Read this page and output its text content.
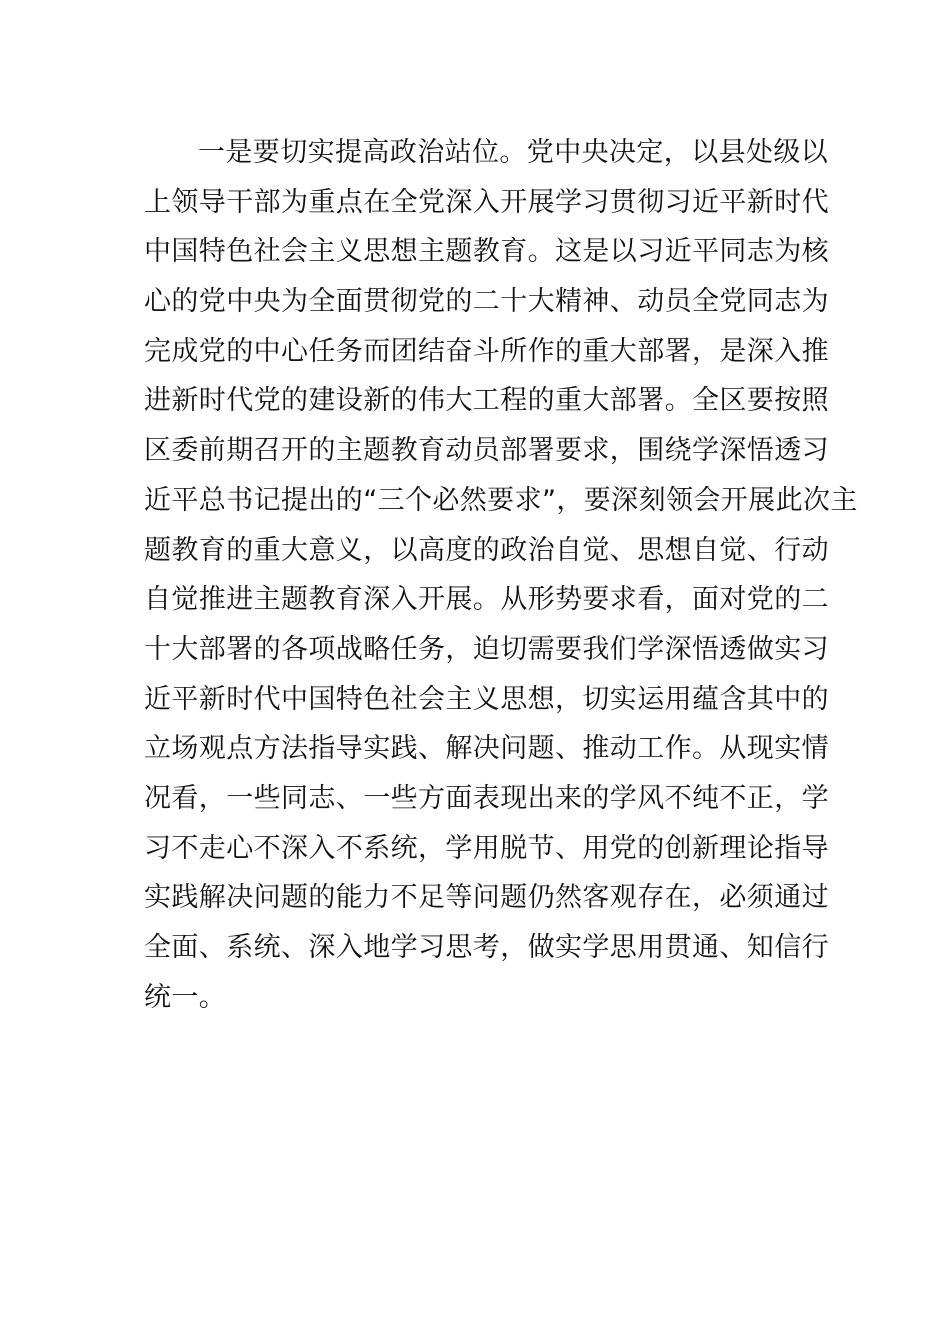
一是要切实提高政治站位。党中央决定，以县处级以
上领导干部为重点在全党深入开展学习贯彻习近平新时代
中国特色社会主义思想主题教育。这是以习近平同志为核
心的党中央为全面贯彻党的二十大精神、动员全党同志为
完成党的中心任务而团结奋斗所作的重大部署，是深入推
进新时代党的建设新的伟大工程的重大部署。全区要按照
区委前期召开的主题教育动员部署要求，围绕学深悟透习
近平总书记提出的“三个必然要求”，要深刻领会开展此次主
题教育的重大意义，以高度的政治自觉、思想自觉、行动
自觉推进主题教育深入开展。从形势要求看，面对党的二
十大部署的各项战略任务，迫切需要我们学深悟透做实习
近平新时代中国特色社会主义思想，切实运用蕴含其中的
立场观点方法指导实践、解决问题、推动工作。从现实情
况看，一些同志、一些方面表现出来的学风不纯不正，学
习不走心不深入不系统，学用脱节、用党的创新理论指导
实践解决问题的能力不足等问题仍然客观存在，必须通过
全面、系统、深入地学习思考，做实学思用贯通、知信行
统一。
